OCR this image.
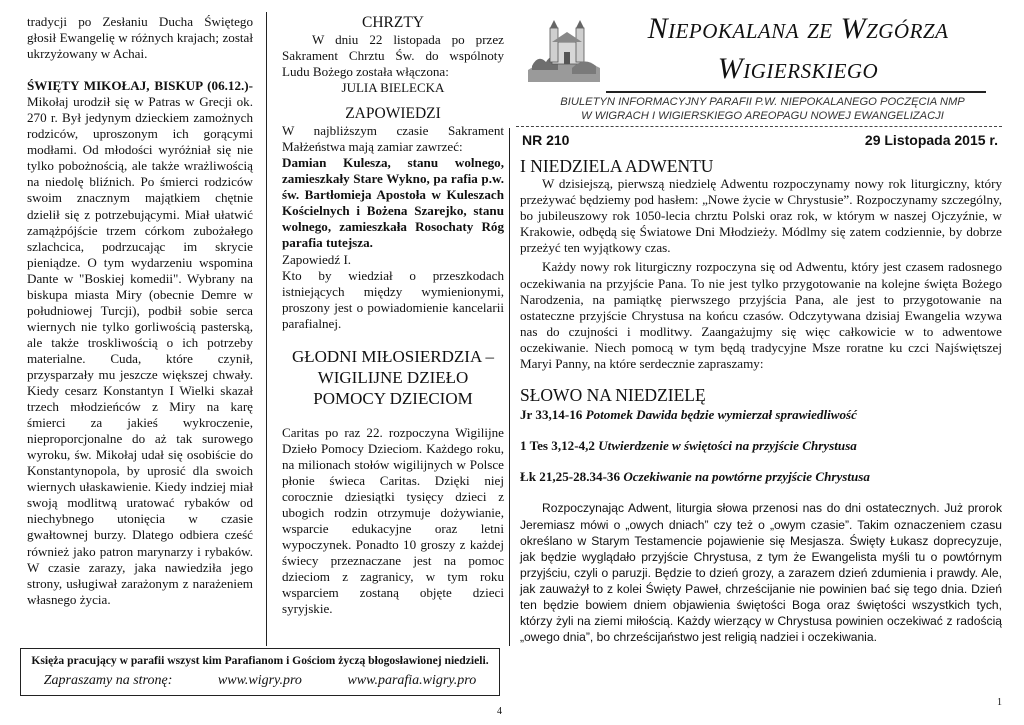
tradycji po Zesłaniu Ducha Świętego głosił Ewangelię w różnych krajach; został ukrzyżowany w Achai.

ŚWIĘTY MIKOŁAJ, BISKUP (06.12.)- Mikołaj urodził się w Patras w Grecji ok. 270 r. Był jedynym dzieckiem zamożnych rodziców, uproszonym ich gorącymi modłami. Od młodości wyróżniał się nie tylko pobożnością, ale także wrażliwością na niedolę bliźnich. Po śmierci rodziców swoim znacznym majątkiem chętnie dzielił się z potrzebującymi. Miał ułatwić zamążpójście trzem córkom zubożałego szlachcica, podrzucając im skrycie pieniądze. O tym wydarzeniu wspomina Dante w "Boskiej komedii". Wybrany na biskupa miasta Miry (obecnie Demre w południowej Turcji), podbił sobie serca wiernych nie tylko gorliwością pasterską, ale także troskliwością o ich potrzeby materialne. Cuda, które czynił, przysparzały mu jeszcze większej chwały. Kiedy cesarz Konstantyn I Wielki skazał trzech młodzieńców z Miry na karę śmierci za jakieś wykroczenie, nieproporcjonalne do aż tak surowego wyroku, św. Mikołaj udał się osobiście do Konstantynopola, by uprosić dla swoich wiernych ułaskawienie. Kiedy indziej miał swoją modlitwą uratować rybaków od niechybnego utonięcia w czasie gwałtownej burzy. Dlatego odbiera cześć również jako patron marynarzy i rybaków. W czasie zarazy, jaka nawiedziła jego strony, usługiwał zarażonym z narażeniem własnego życia.

CHRZTY

W dniu 22 listopada po przez Sakrament Chrztu Św. do wspólnoty Ludu Bożego została włączona:

JULIA BIELECKA
ZAPOWIEDZI

W najbliższym czasie Sakrament Małżeństwa mają zamiar zawrzeć:

Damian Kulesza, stanu wolnego, zamieszkały Stare Wykno, pa rafia p.w. św. Bartłomieja Apostoła w Kuleszach Kościelnych i Bożena Szarejko, stanu wolnego, zamieszkała Rosochaty Róg parafia tutejsza.

Zapowiedź I.

Kto by wiedział o przeszkodach istniejących między wymienionymi, proszony jest o powiadomienie kancelarii parafialnej.

GŁODNI MIŁOSIERDZIA – WIGILIJNE DZIEŁO POMOCY DZIECIOM

Caritas po raz 22. rozpoczyna Wigilijne Dzieło Pomocy Dzieciom. Każdego roku, na milionach stołów wigilijnych w Polsce płonie świeca Caritas. Dzięki niej corocznie dziesiątki tysięcy dzieci z ubogich rodzin otrzymuje dożywianie, wsparcie edukacyjne oraz letni wypoczynek. Ponadto 10 groszy z każdej świecy przeznaczane jest na pomoc dzieciom z zagranicy, w tym roku wsparciem zostaną objęte dzieci syryjskie.

Księża pracujący w parafii wszyst kim Parafianom i Gościom życzą błogosławionej niedzieli.
Zapraszamy na stronę:	www.wigry.pro	www.parafia.wigry.pro
4
1
Niepokalana ze Wzgórza
Wigierskiego
BIULETYN INFORMACYJNY PARAFII P.W. NIEPOKALANEGO POCZĘCIA NMP
W WIGRACH I WIGIERSKIEGO AREOPAGU NOWEJ EWANGELIZACJI
NR 210	29 Listopada 2015 r.
I NIEDZIELA ADWENTU

W dzisiejszą, pierwszą niedzielę Adwentu rozpoczynamy nowy rok liturgiczny, który przeżywać będziemy pod hasłem: „Nowe życie w Chrystusie”. Rozpoczynamy szczególny, bo jubileuszowy rok 1050-lecia chrztu Polski oraz rok, w którym w naszej Ojczyźnie, w Krakowie, odbędą się Światowe Dni Młodzieży. Módlmy się zatem codziennie, by dobrze przeżyć ten wyjątkowy czas.

Każdy nowy rok liturgiczny rozpoczyna się od Adwentu, który jest czasem radosnego oczekiwania na przyjście Pana. To nie jest tylko przygotowanie na kolejne święta Bożego Narodzenia, na pamiątkę pierwszego przyjścia Pana, ale jest to przygotowanie na ostateczne przyjście Chrystusa na końcu czasów. Odczytywana dzisiaj Ewangelia wzywa nas do czujności i modlitwy. Zaangażujmy się więc całkowicie w to adwentowe oczekiwanie. Niech pomocą w tym będą tradycyjne Msze roratne ku czci Najświętszej Maryi Panny, na które serdecznie zapraszamy:

SŁOWO NA NIEDZIELĘ

Jr 33,14-16 Potomek Dawida będzie wymierzał sprawiedliwość

1 Tes 3,12-4,2 Utwierdzenie w świętości na przyjście Chrystusa

Łk 21,25-28.34-36 Oczekiwanie na powtórne przyjście Chrystusa

Rozpoczynając Adwent, liturgia słowa przenosi nas do dni ostatecznych. Już prorok Jeremiasz mówi o „owych dniach” czy też o „owym czasie”. Takim oznaczeniem czasu określano w Starym Testamencie pojawienie się Mesjasza. Święty Łukasz doprecyzuje, jak będzie wyglądało przyjście Chrystusa, z tym że Ewangelista myśli tu o powtórnym przyjściu, czyli o paruzji. Będzie to dzień grozy, a zarazem dzień zdumienia i prawdy. Ale, jak zauważył to z kolei Święty Paweł, chrześcijanie nie powinien bać się tego dnia. Dzień ten będzie bowiem dniem objawienia świętości Boga oraz świętości wszystkich tych, którzy żyli na ziemi miłością. Każdy wierzący w Chrystusa powinien oczekiwać z radością „owego dnia”, bo chrześcijaństwo jest religią nadziei i oczekiwania.
